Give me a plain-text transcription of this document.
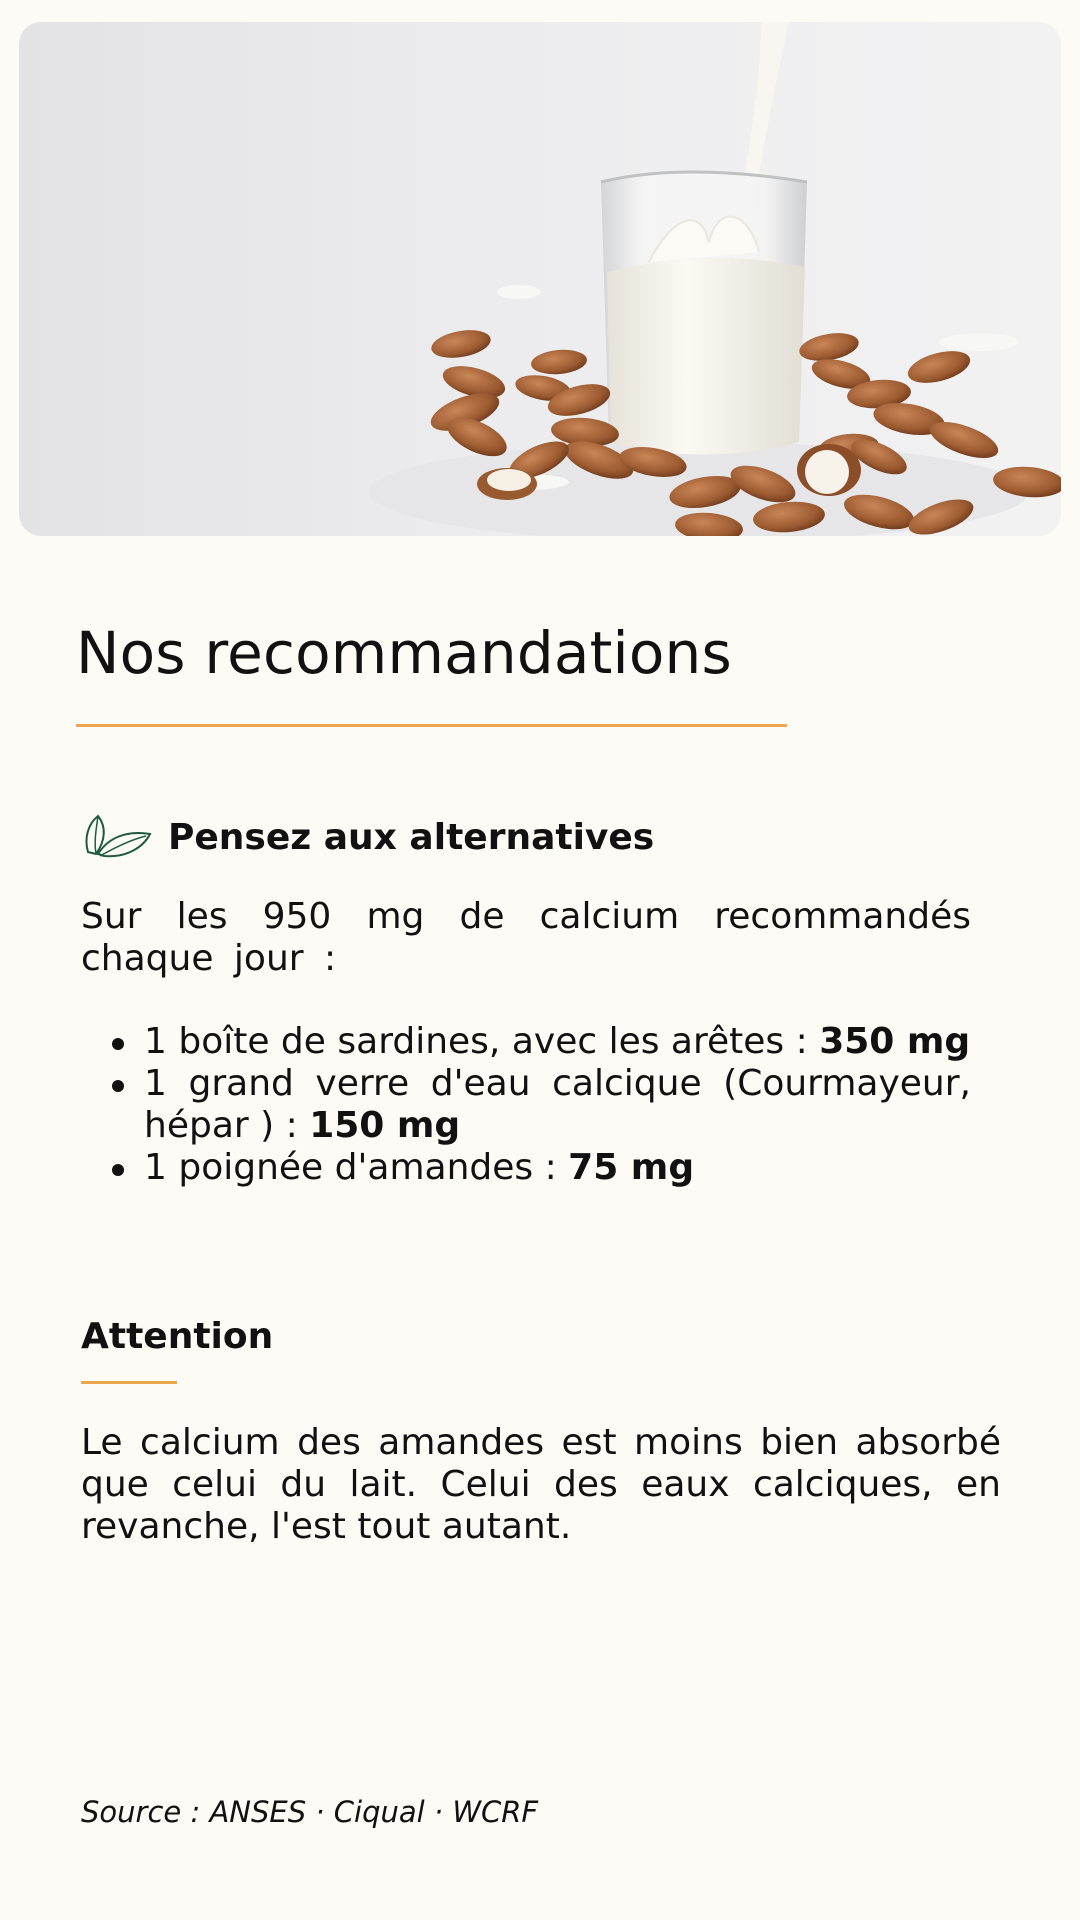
Nos recommandations
Pensez aux alternatives

Sur les 950 mg de calcium recommandés chaque jour :

1 boîte de sardines, avec les arêtes : 350 mg
1 grand verre d'eau calcique (Courmayeur, hépar ) : 150 mg
1 poignée d'amandes : 75 mg
Attention

Le calcium des amandes est moins bien absorbé que celui du lait. Celui des eaux calciques, en revanche, l'est tout autant.

Source : ANSES · Ciqual · WCRF
